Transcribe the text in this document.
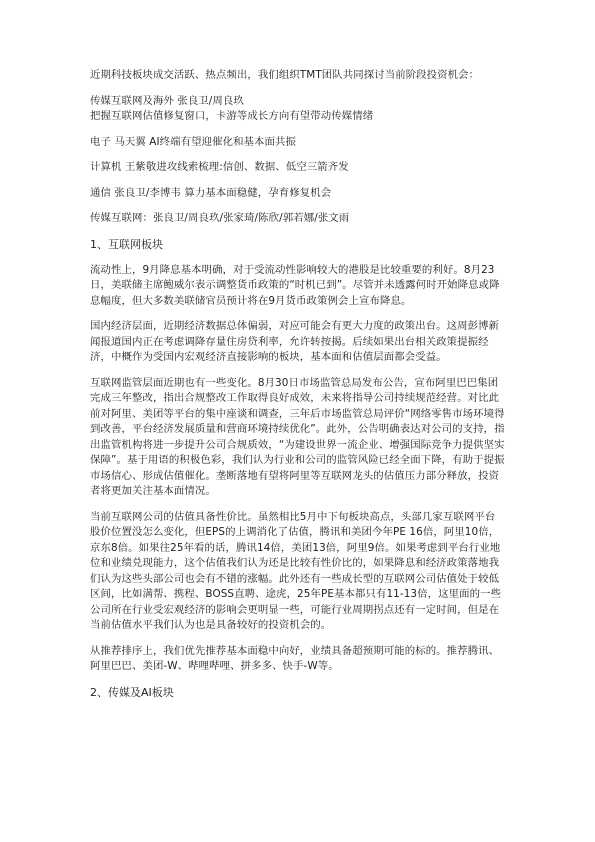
近期科技板块成交活跃、热点频出，我们组织TMT团队共同探讨当前阶段投资机会：

传媒互联网及海外 张良卫/周良玖

把握互联网估值修复窗口，卡游等成长方向有望带动传媒情绪

电子 马天翼 AI终端有望迎催化和基本面共振

计算机 王紫敬进攻线索梳理:信创、数据、低空三箭齐发

通信 张良卫/李博韦 算力基本面稳健，孕育修复机会

传媒互联网：张良卫/周良玖/张家琦/陈欣/郭若娜/张文雨

1、互联网板块

流动性上，9月降息基本明确，对于受流动性影响较大的港股是比较重要的利好。8月23日，美联储主席鲍威尔表示调整货币政策的“时机已到”。尽管并未透露何时开始降息或降息幅度，但大多数美联储官员预计将在9月货币政策例会上宣布降息。

国内经济层面，近期经济数据总体偏弱，对应可能会有更大力度的政策出台。这周彭博新闻报道国内正在考虑调降存量住房贷利率，允许转按揭。后续如果出台相关政策提振经济，中概作为受国内宏观经济直接影响的板块，基本面和估值层面都会受益。

互联网监管层面近期也有一些变化。8月30日市场监管总局发布公告，宣布阿里巴巴集团完成三年整改，指出合规整改工作取得良好成效，未来将指导公司持续规范经营。对比此前对阿里、美团等平台的集中座谈和调查，三年后市场监管总局评价“网络零售市场环境得到改善，平台经济发展质量和营商环境持续优化”。此外，公告明确表达对公司的支持，指出监管机构将进一步提升公司合规质效，“为建设世界一流企业、增强国际竞争力提供坚实保障”。基于用语的积极色彩，我们认为行业和公司的监管风险已经全面下降，有助于提振市场信心、形成估值催化。垄断落地有望将阿里等互联网龙头的估值压力部分释放，投资者将更加关注基本面情况。

当前互联网公司的估值具备性价比。虽然相比5月中下旬板块高点，头部几家互联网平台股价位置没怎么变化，但EPS的上调消化了估值，腾讯和美团今年PE 16倍，阿里10倍，京东8倍。如果往25年看的话，腾讯14倍，美团13倍，阿里9倍。如果考虑到平台行业地位和业绩兑现能力，这个估值我们认为还是比较有性价比的，如果降息和经济政策落地我们认为这些头部公司也会有不错的涨幅。此外还有一些成长型的互联网公司估值处于较低区间，比如满帮、携程、BOSS直聘、途虎，25年PE基本都只有11-13倍，这里面的一些公司所在行业受宏观经济的影响会更明显一些，可能行业周期拐点还有一定时间，但是在当前估值水平我们认为也是具备较好的投资机会的。

从推荐排序上，我们优先推荐基本面稳中向好，业绩具备超预期可能的标的。推荐腾讯、阿里巴巴、美团-W、哔哩哔哩、拼多多、快手-W等。

2、传媒及AI板块
